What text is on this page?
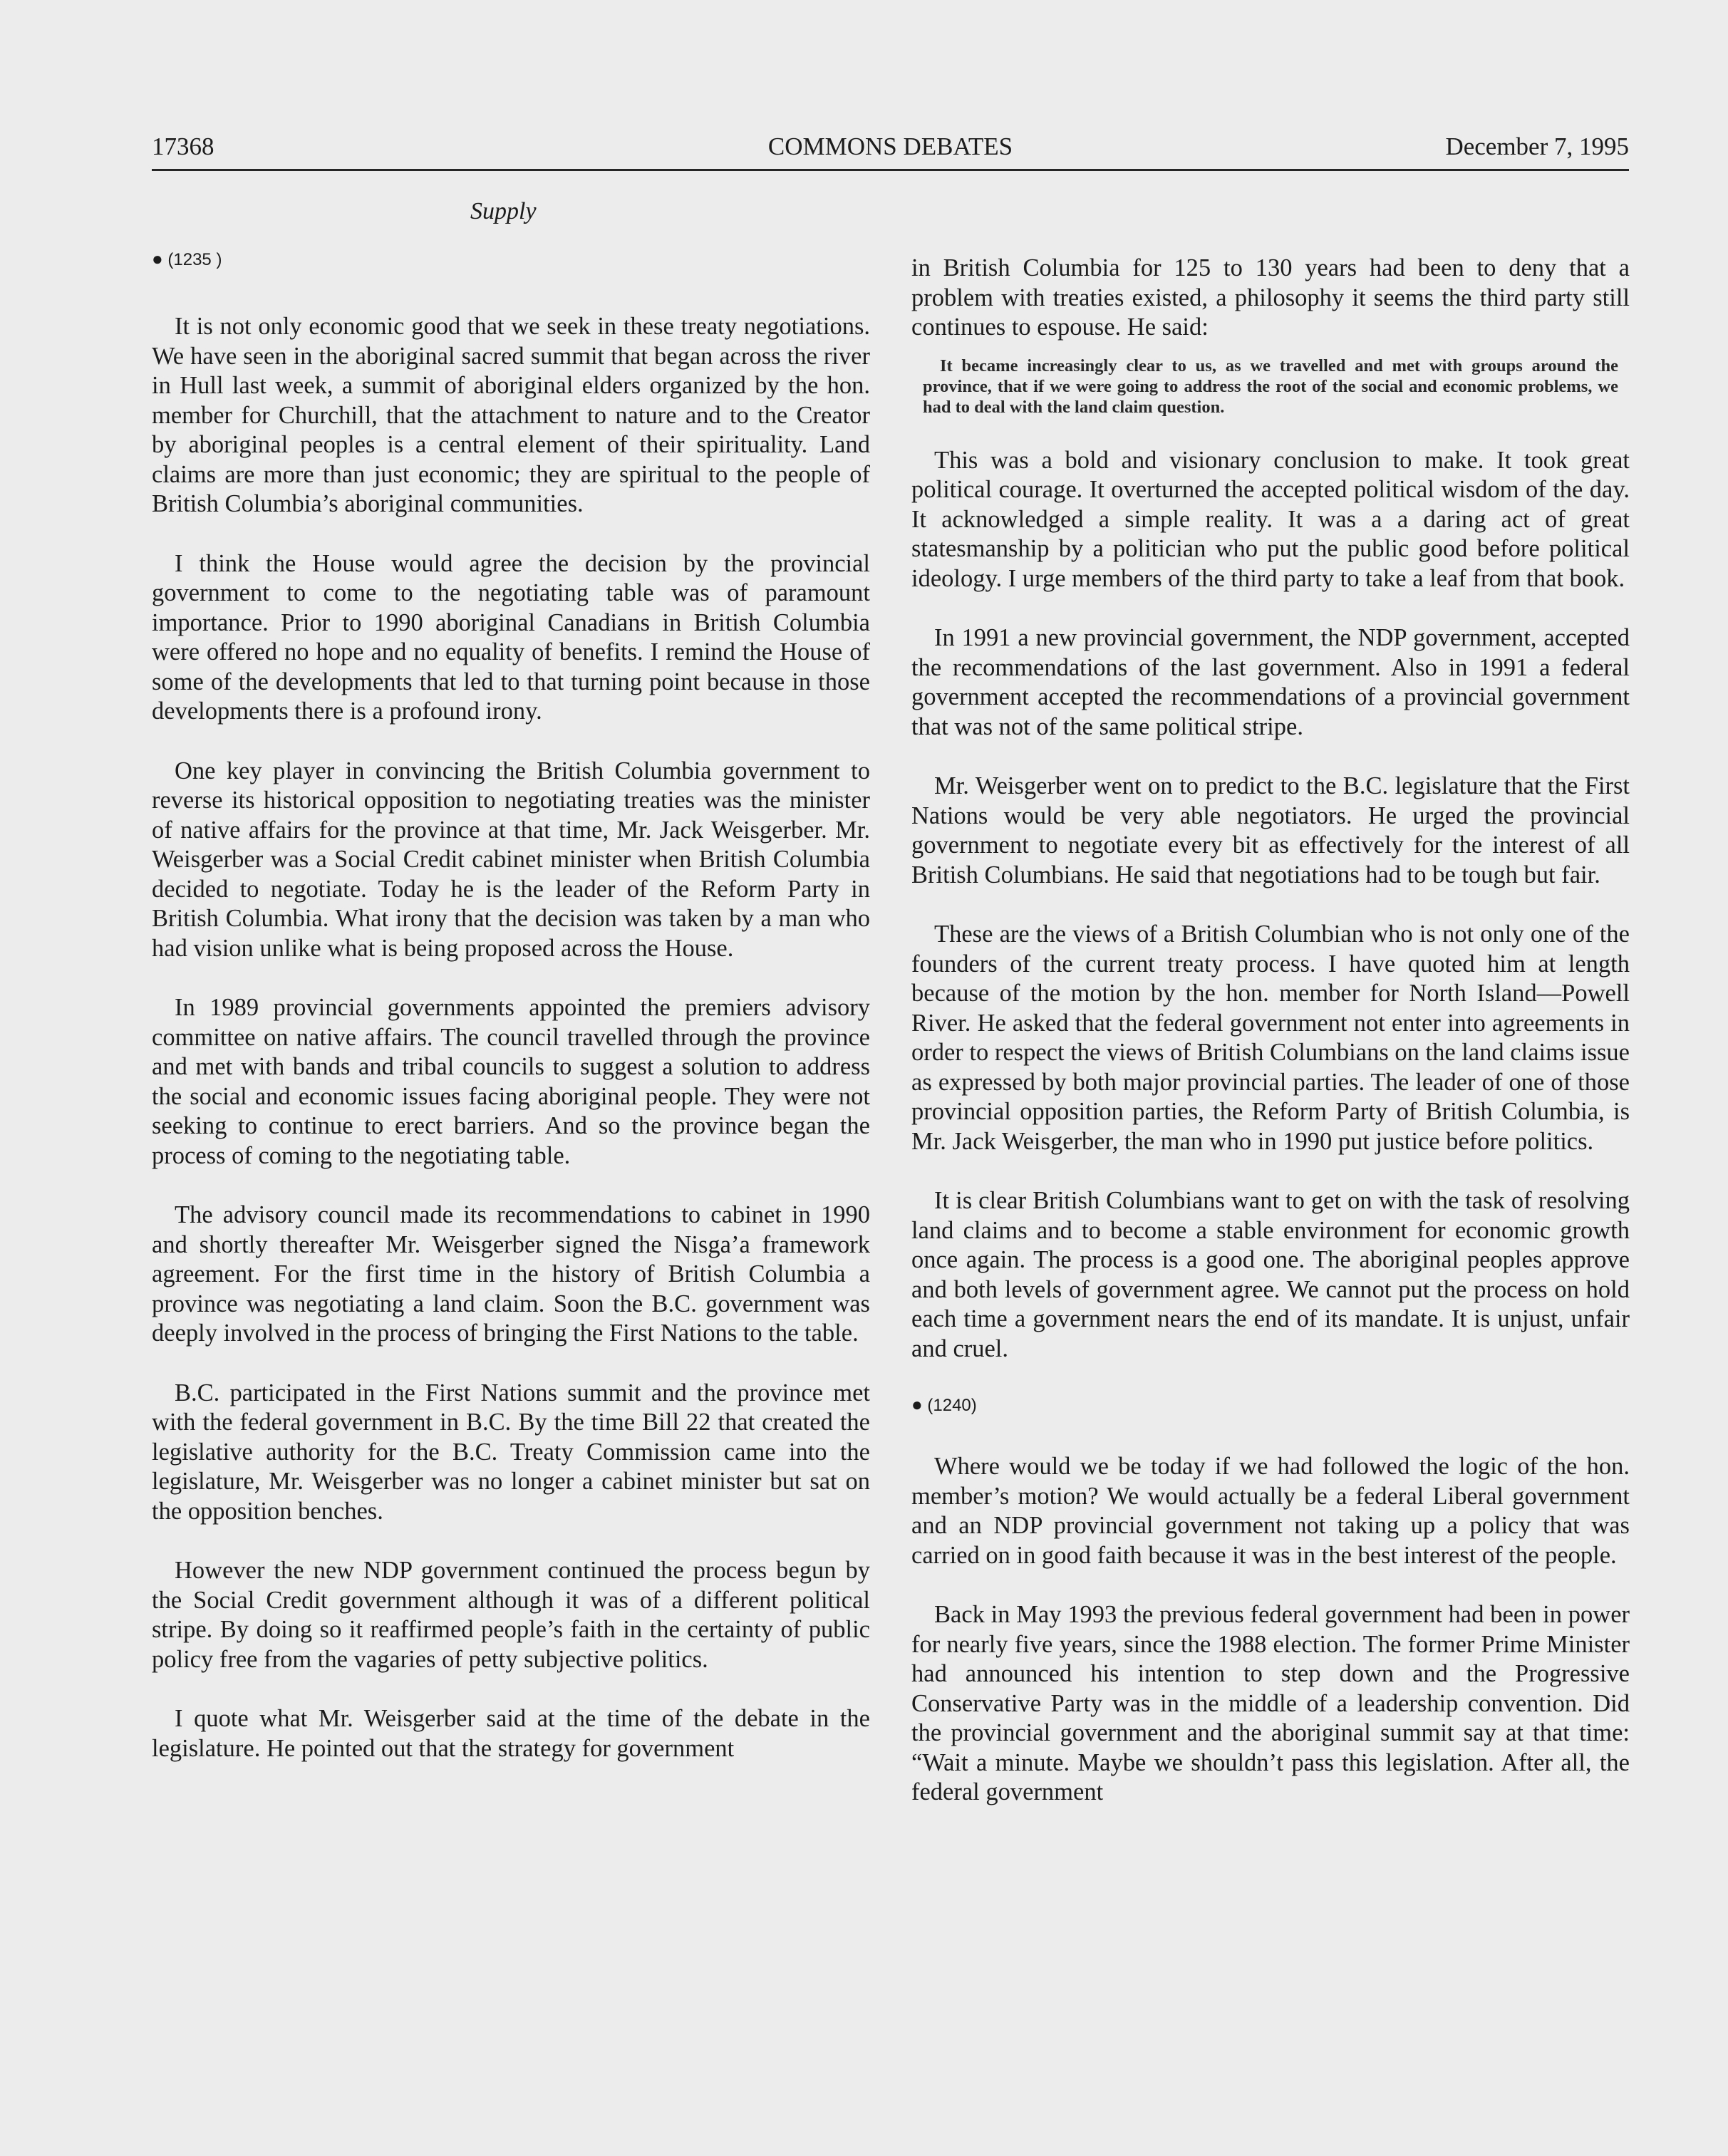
17368	COMMONS DEBATES	December 7, 1995
Supply
● (1235 )

It is not only economic good that we seek in these treaty negotiations. We have seen in the aboriginal sacred summit that began across the river in Hull last week, a summit of aboriginal elders organized by the hon. member for Churchill, that the attachment to nature and to the Creator by aboriginal peoples is a central element of their spirituality. Land claims are more than just economic; they are spiritual to the people of British Columbia’s aboriginal communities.

I think the House would agree the decision by the provincial government to come to the negotiating table was of paramount importance. Prior to 1990 aboriginal Canadians in British Columbia were offered no hope and no equality of benefits. I remind the House of some of the developments that led to that turning point because in those developments there is a profound irony.

One key player in convincing the British Columbia government to reverse its historical opposition to negotiating treaties was the minister of native affairs for the province at that time, Mr. Jack Weisgerber. Mr. Weisgerber was a Social Credit cabinet minister when British Columbia decided to negotiate. Today he is the leader of the Reform Party in British Columbia. What irony that the decision was taken by a man who had vision unlike what is being proposed across the House.

In 1989 provincial governments appointed the premiers advisory committee on native affairs. The council travelled through the province and met with bands and tribal councils to suggest a solution to address the social and economic issues facing aboriginal people. They were not seeking to continue to erect barriers. And so the province began the process of coming to the negotiating table.

The advisory council made its recommendations to cabinet in 1990 and shortly thereafter Mr. Weisgerber signed the Nisga’a framework agreement. For the first time in the history of British Columbia a province was negotiating a land claim. Soon the B.C. government was deeply involved in the process of bringing the First Nations to the table.

B.C. participated in the First Nations summit and the province met with the federal government in B.C. By the time Bill 22 that created the legislative authority for the B.C. Treaty Commission came into the legislature, Mr. Weisgerber was no longer a cabinet minister but sat on the opposition benches.

However the new NDP government continued the process begun by the Social Credit government although it was of a different political stripe. By doing so it reaffirmed people’s faith in the certainty of public policy free from the vagaries of petty subjective politics.

I quote what Mr. Weisgerber said at the time of the debate in the legislature. He pointed out that the strategy for government

in British Columbia for 125 to 130 years had been to deny that a problem with treaties existed, a philosophy it seems the third party still continues to espouse. He said:

It became increasingly clear to us, as we travelled and met with groups around the province, that if we were going to address the root of the social and economic problems, we had to deal with the land claim question.

This was a bold and visionary conclusion to make. It took great political courage. It overturned the accepted political wisdom of the day. It acknowledged a simple reality. It was a a daring act of great statesmanship by a politician who put the public good before political ideology. I urge members of the third party to take a leaf from that book.

In 1991 a new provincial government, the NDP government, accepted the recommendations of the last government. Also in 1991 a federal government accepted the recommendations of a provincial government that was not of the same political stripe.

Mr. Weisgerber went on to predict to the B.C. legislature that the First Nations would be very able negotiators. He urged the provincial government to negotiate every bit as effectively for the interest of all British Columbians. He said that negotiations had to be tough but fair.

These are the views of a British Columbian who is not only one of the founders of the current treaty process. I have quoted him at length because of the motion by the hon. member for North Island—Powell River. He asked that the federal government not enter into agreements in order to respect the views of British Columbians on the land claims issue as expressed by both major provincial parties. The leader of one of those provincial opposition parties, the Reform Party of British Columbia, is Mr. Jack Weisgerber, the man who in 1990 put justice before politics.

It is clear British Columbians want to get on with the task of resolving land claims and to become a stable environment for economic growth once again. The process is a good one. The aboriginal peoples approve and both levels of government agree. We cannot put the process on hold each time a government nears the end of its mandate. It is unjust, unfair and cruel.

● (1240)

Where would we be today if we had followed the logic of the hon. member’s motion? We would actually be a federal Liberal government and an NDP provincial government not taking up a policy that was carried on in good faith because it was in the best interest of the people.

Back in May 1993 the previous federal government had been in power for nearly five years, since the 1988 election. The former Prime Minister had announced his intention to step down and the Progressive Conservative Party was in the middle of a leadership convention. Did the provincial government and the aboriginal summit say at that time: “Wait a minute. Maybe we shouldn’t pass this legislation. After all, the federal government
